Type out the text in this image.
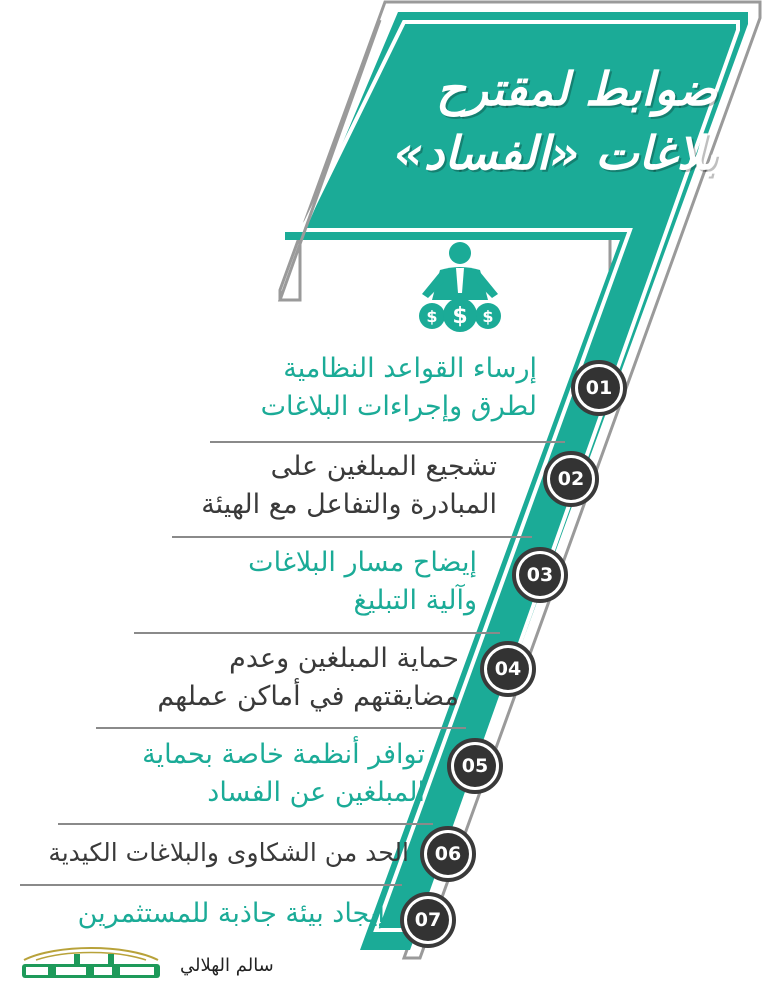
ضوابط لمقترح
بلاغات «الفساد»
$	$
$
إرساء القواعد النظامية
لطرق وإجراءات البلاغات
01
تشجيع المبلغين على
المبادرة والتفاعل مع الهيئة
02
إيضاح مسار البلاغات
وآلية التبليغ
03
حماية المبلغين وعدم
مضايقتهم في أماكن عملهم
04
توافر أنظمة خاصة بحماية
المبلغين عن الفساد
05
الحد من الشكاوى والبلاغات الكيدية	06
إيجاد بيئة جاذبة للمستثمرين	07
سالم الهلالي
